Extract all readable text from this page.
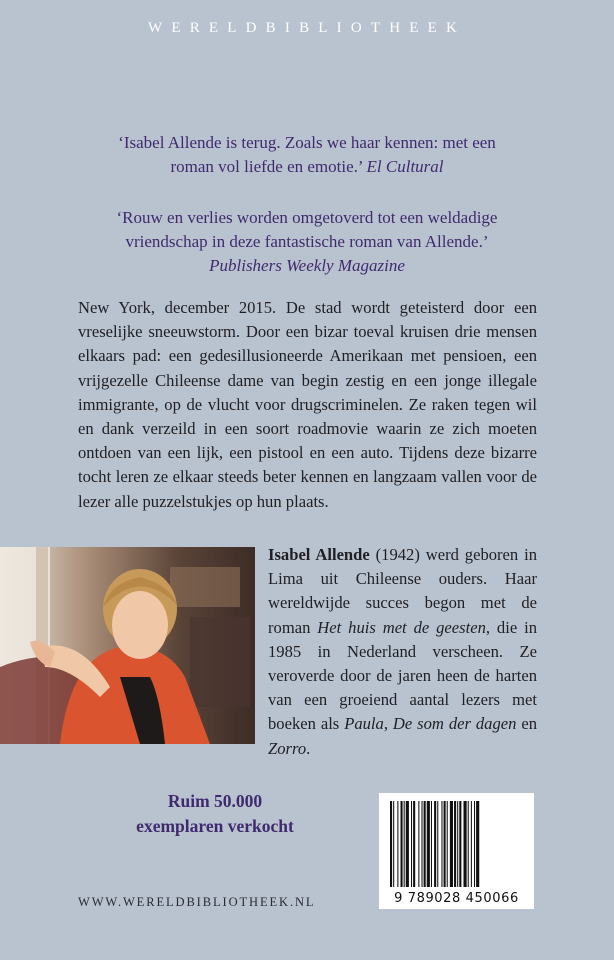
WERELDBIBLIOTHEEK
‘Isabel Allende is terug. Zoals we haar kennen: met een
roman vol liefde en emotie.’ El Cultural
‘Rouw en verlies worden omgetoverd tot een weldadige
vriendschap in deze fantastische roman van Allende.’
Publishers Weekly Magazine

New York, december 2015. De stad wordt geteisterd door een vreselijke sneeuwstorm. Door een bizar toeval kruisen drie mensen elkaars pad: een gedesillusioneerde Amerikaan met pensioen, een vrijgezelle Chileense dame van begin zestig en een jonge illegale immigrante, op de vlucht voor drugscriminelen. Ze raken tegen wil en dank verzeild in een soort roadmovie waarin ze zich moeten ontdoen van een lijk, een pistool en een auto. Tijdens deze bizarre tocht leren ze elkaar steeds beter kennen en langzaam vallen voor de lezer alle puzzelstukjes op hun plaats.

Isabel Allende (1942) werd geboren in Lima uit Chileense ouders. Haar wereldwijde succes begon met de roman Het huis met de geesten, die in 1985 in Nederland verscheen. Ze veroverde door de jaren heen de harten van een groeiend aantal lezers met boeken als Paula, De som der dagen en Zorro.

Ruim 50.000
exemplaren verkocht
9 789028 450066
WWW.WERELDBIBLIOTHEEK.NL
